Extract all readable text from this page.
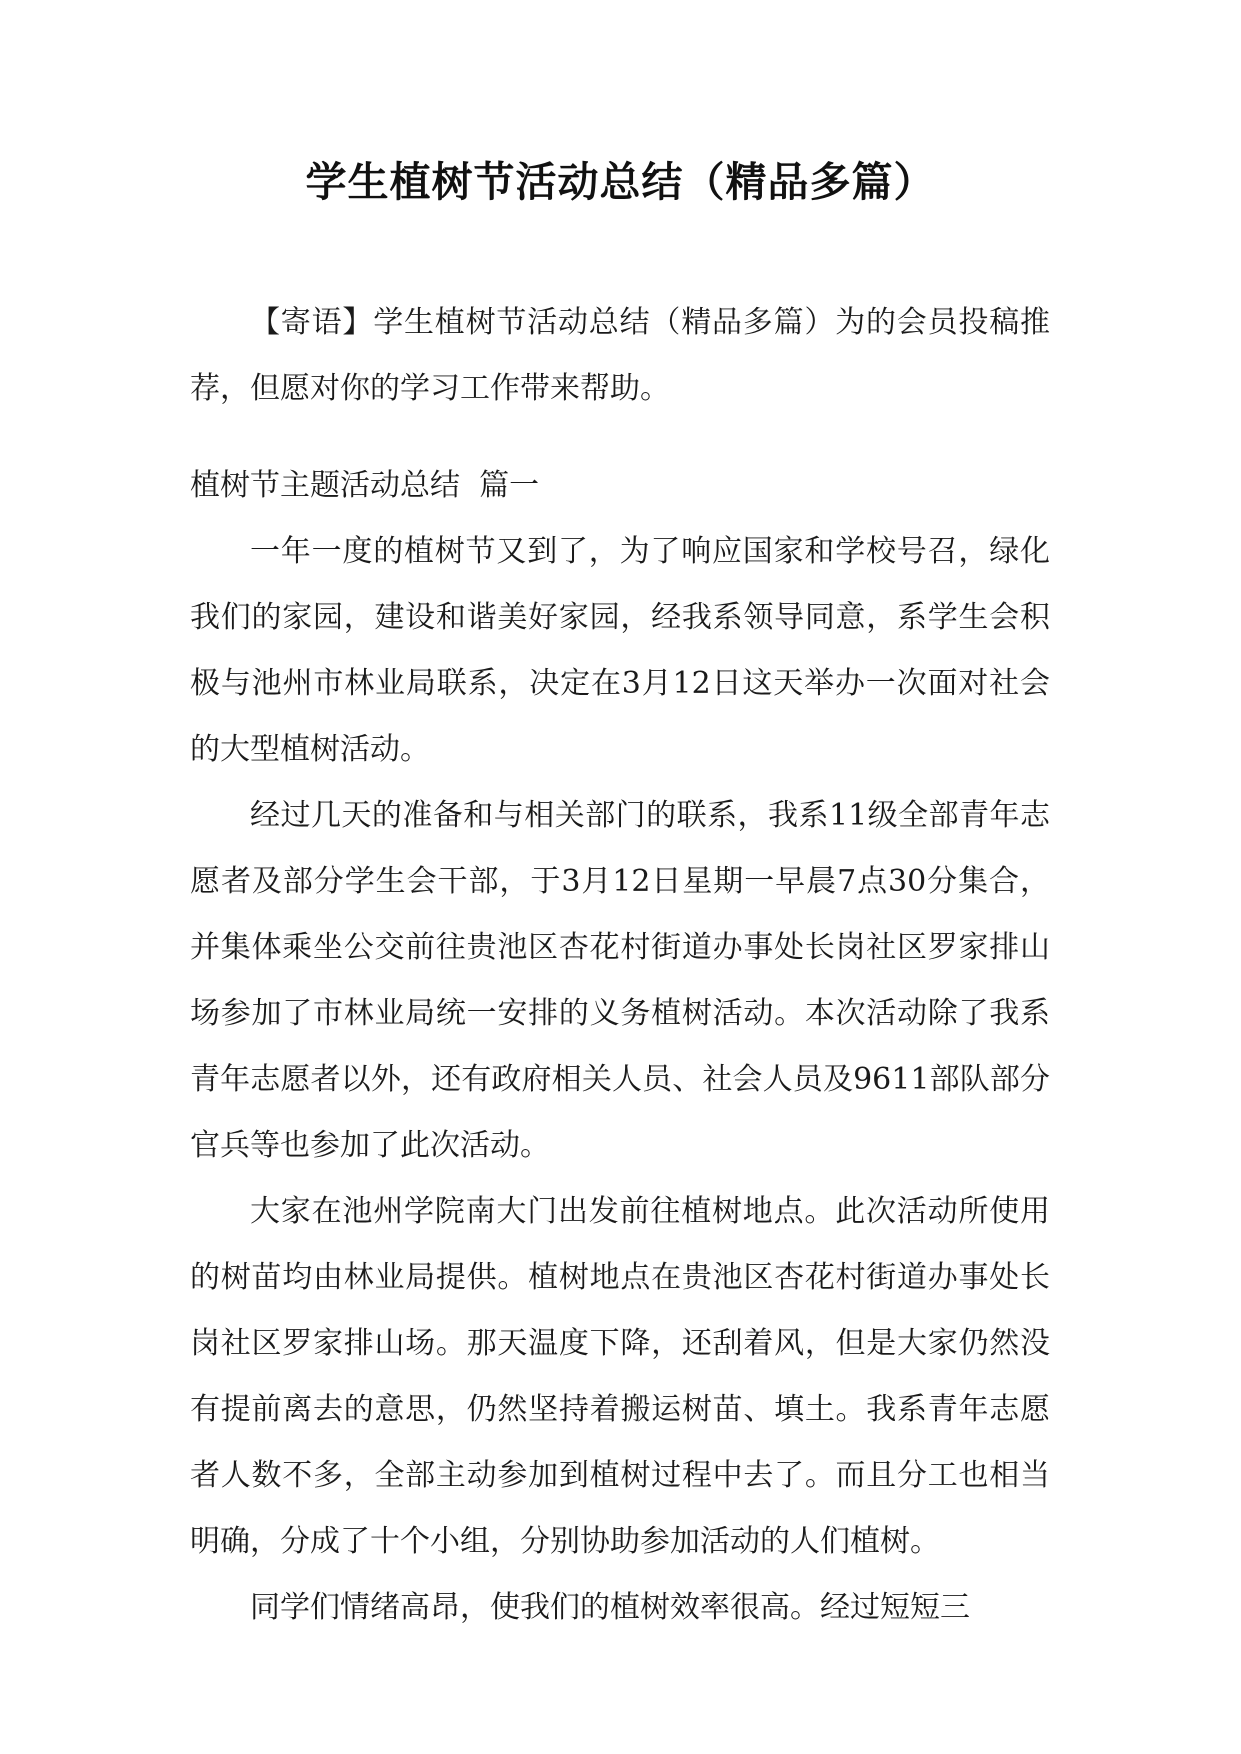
学生植树节活动总结（精品多篇）

【寄语】学生植树节活动总结（精品多篇）为的会员投稿推荐，但愿对你的学习工作带来帮助。

植树节主题活动总结  篇一

一年一度的植树节又到了，为了响应国家和学校号召，绿化我们的家园，建设和谐美好家园，经我系领导同意，系学生会积极与池州市林业局联系，决定在3月12日这天举办一次面对社会的大型植树活动。

经过几天的准备和与相关部门的联系，我系11级全部青年志愿者及部分学生会干部，于3月12日星期一早晨7点30分集合，并集体乘坐公交前往贵池区杏花村街道办事处长岗社区罗家排山场参加了市林业局统一安排的义务植树活动。本次活动除了我系青年志愿者以外，还有政府相关人员、社会人员及9611部队部分官兵等也参加了此次活动。

大家在池州学院南大门出发前往植树地点。此次活动所使用的树苗均由林业局提供。植树地点在贵池区杏花村街道办事处长岗社区罗家排山场。那天温度下降，还刮着风，但是大家仍然没有提前离去的意思，仍然坚持着搬运树苗、填土。我系青年志愿者人数不多，全部主动参加到植树过程中去了。而且分工也相当明确，分成了十个小组，分别协助参加活动的人们植树。

同学们情绪高昂，使我们的植树效率很高。经过短短三
